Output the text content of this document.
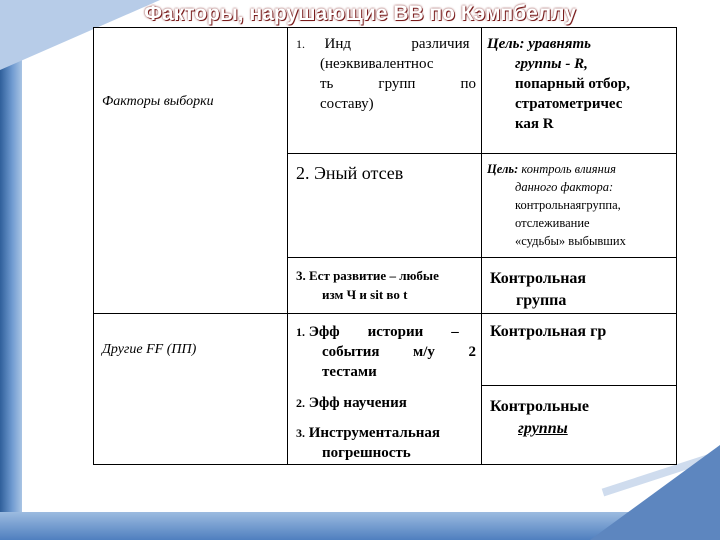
Факторы, нарушающие ВВ по Кэмпбеллу
Факторы выборки
1. Инд различия
(неэквивалентнос
ть групп по
составу)
Цель: уравнять
группы - R,
попарный отбор,
стратометричес
кая R
2. Эный отсев	Цель: контроль влияния
данного фактора:
контрольнаягруппа,
отслеживание
«судьбы» выбывших
3. Ест развитие – любые
изм Ч и sit во t
Контрольная
группа
Другие FF (ПП)
1. Эфф истории –
события м/у 2
тестами
Контрольная гр
2. Эфф научения
3. Инструментальная
погрешность
Контрольные
группы
